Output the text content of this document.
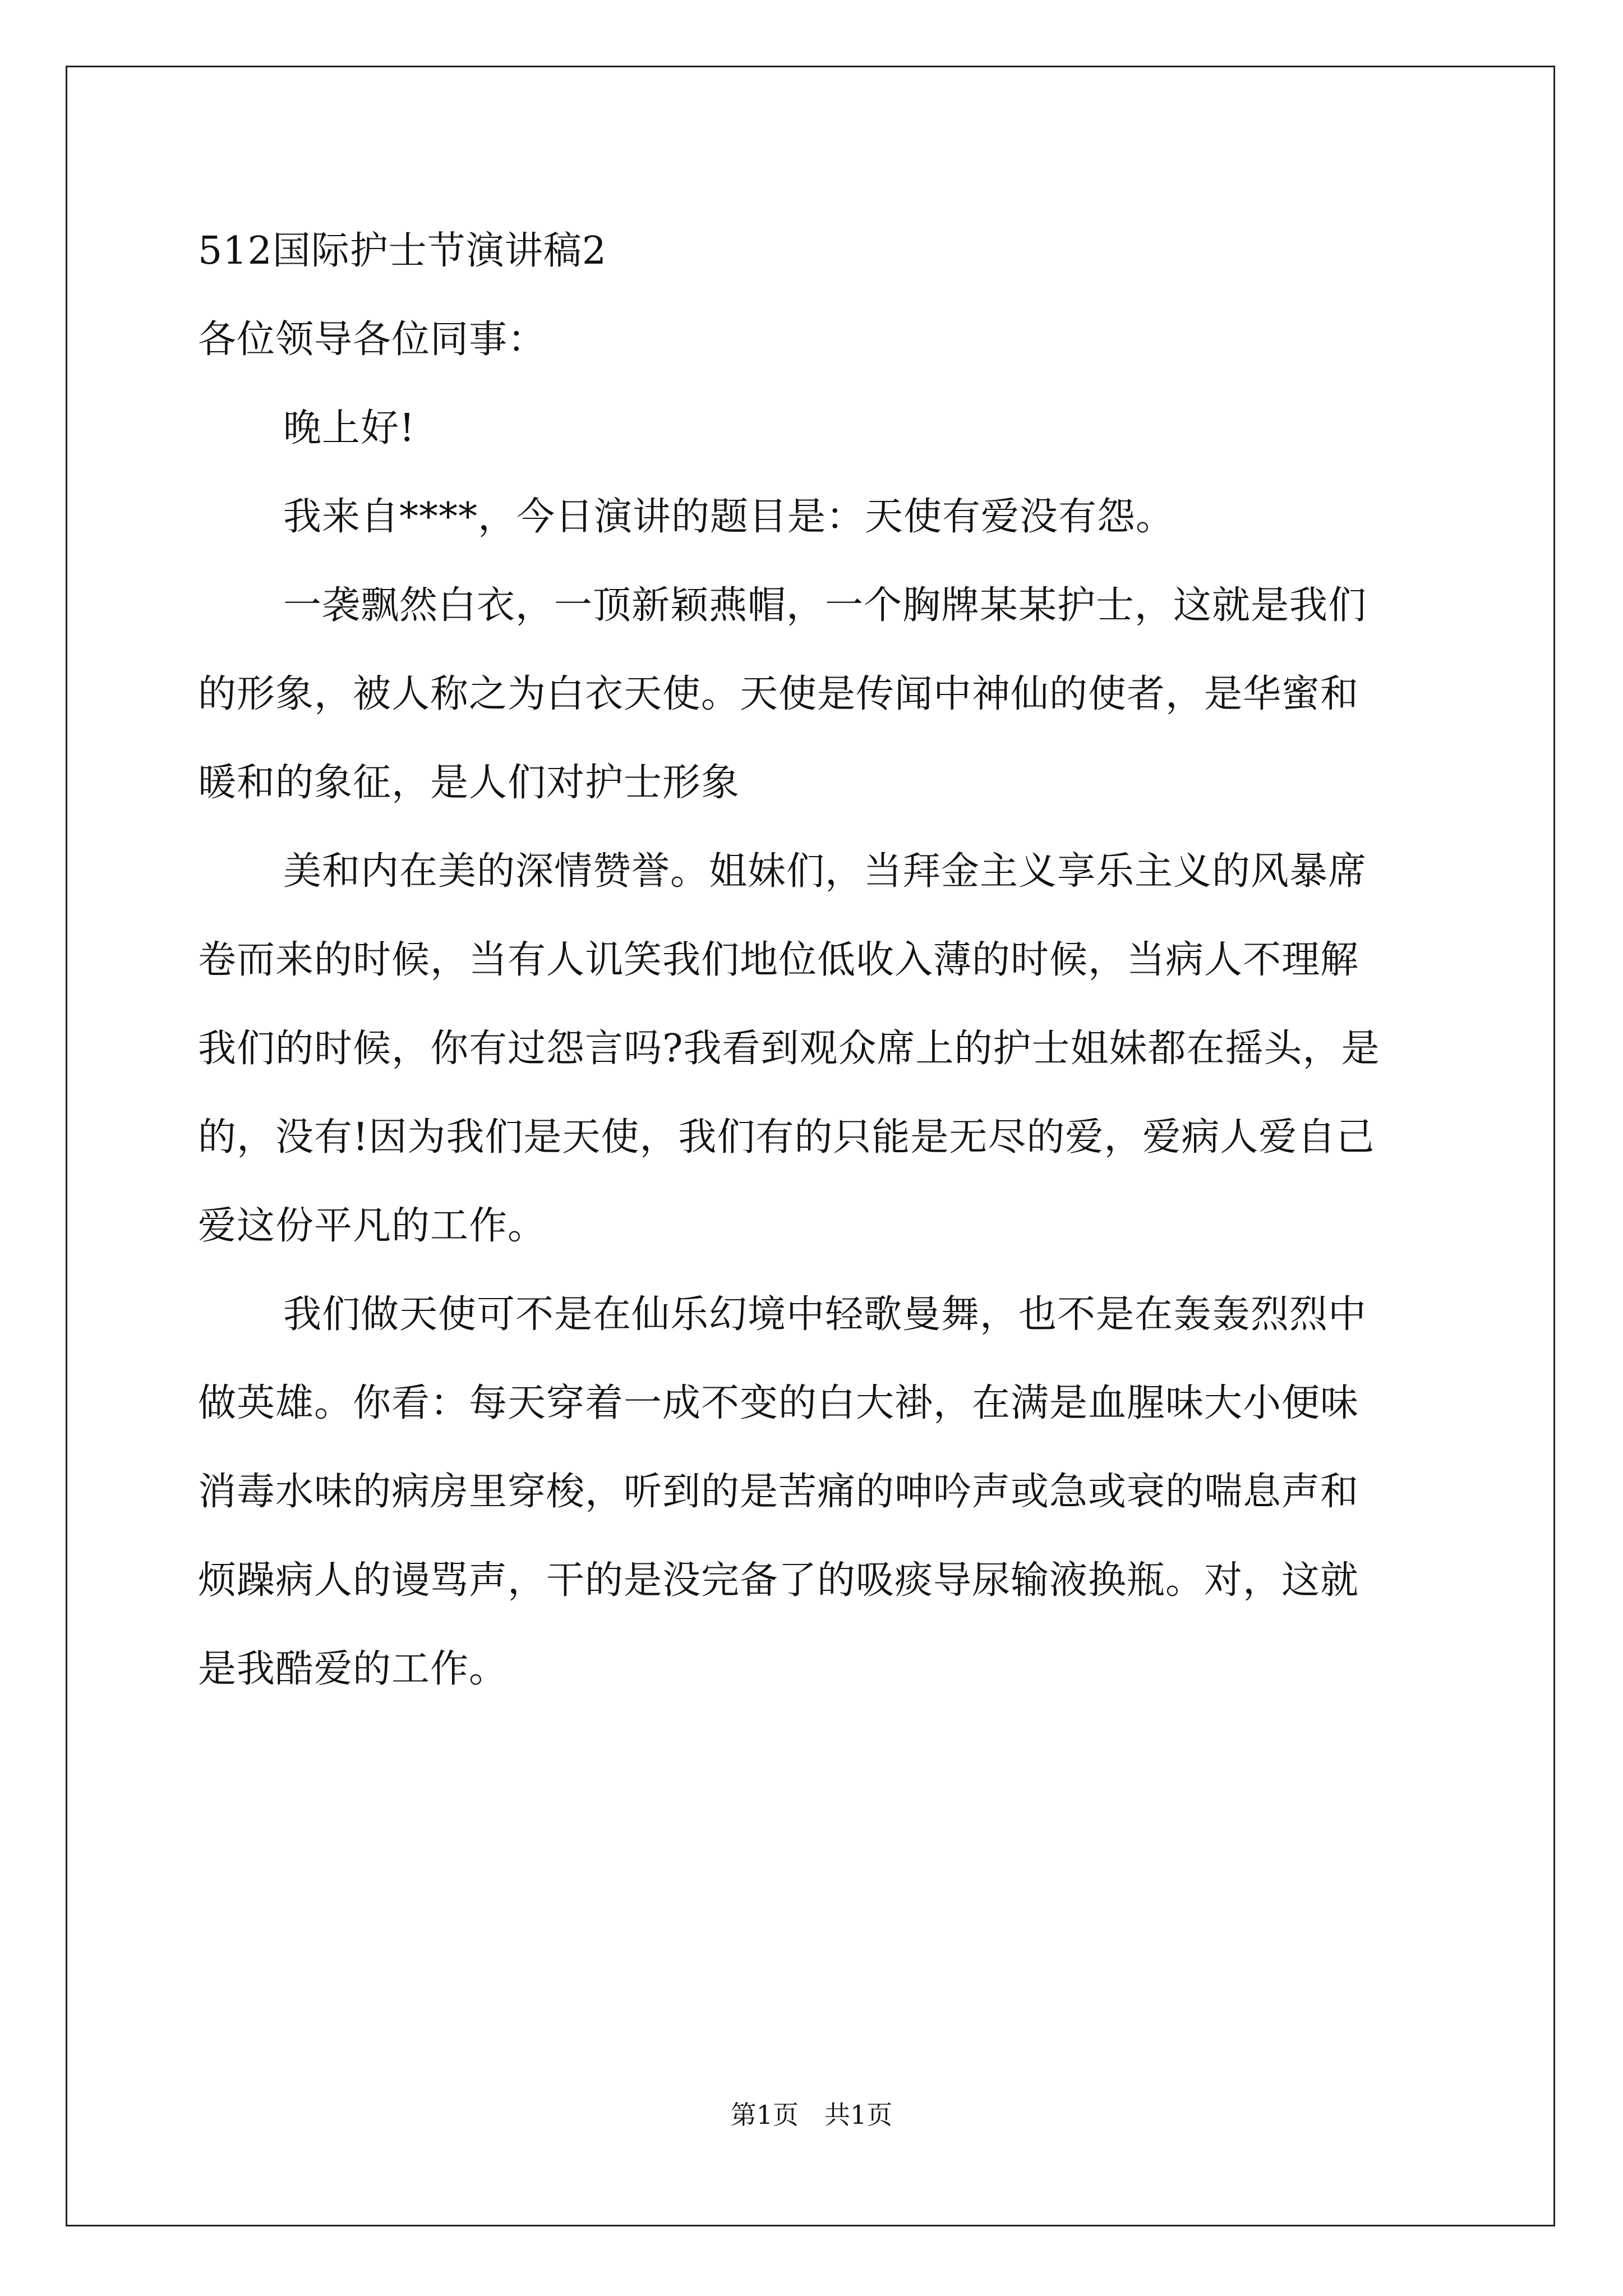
512国际护士节演讲稿2
各位领导各位同事：
晚上好!
我来自****，今日演讲的题目是：天使有爱没有怨。
一袭飘然白衣，一顶新颖燕帽，一个胸牌某某护士，这就是我们
的形象，被人称之为白衣天使。天使是传闻中神仙的使者，是华蜜和
暖和的象征，是人们对护士形象
美和内在美的深情赞誉。姐妹们，当拜金主义享乐主义的风暴席
卷而来的时候，当有人讥笑我们地位低收入薄的时候，当病人不理解
我们的时候，你有过怨言吗?我看到观众席上的护士姐妹都在摇头，是
的，没有!因为我们是天使，我们有的只能是无尽的爱，爱病人爱自己
爱这份平凡的工作。
我们做天使可不是在仙乐幻境中轻歌曼舞，也不是在轰轰烈烈中
做英雄。你看：每天穿着一成不变的白大褂，在满是血腥味大小便味
消毒水味的病房里穿梭，听到的是苦痛的呻吟声或急或衰的喘息声和
烦躁病人的谩骂声，干的是没完备了的吸痰导尿输液换瓶。对，这就
是我酷爱的工作。
第1页　共1页
